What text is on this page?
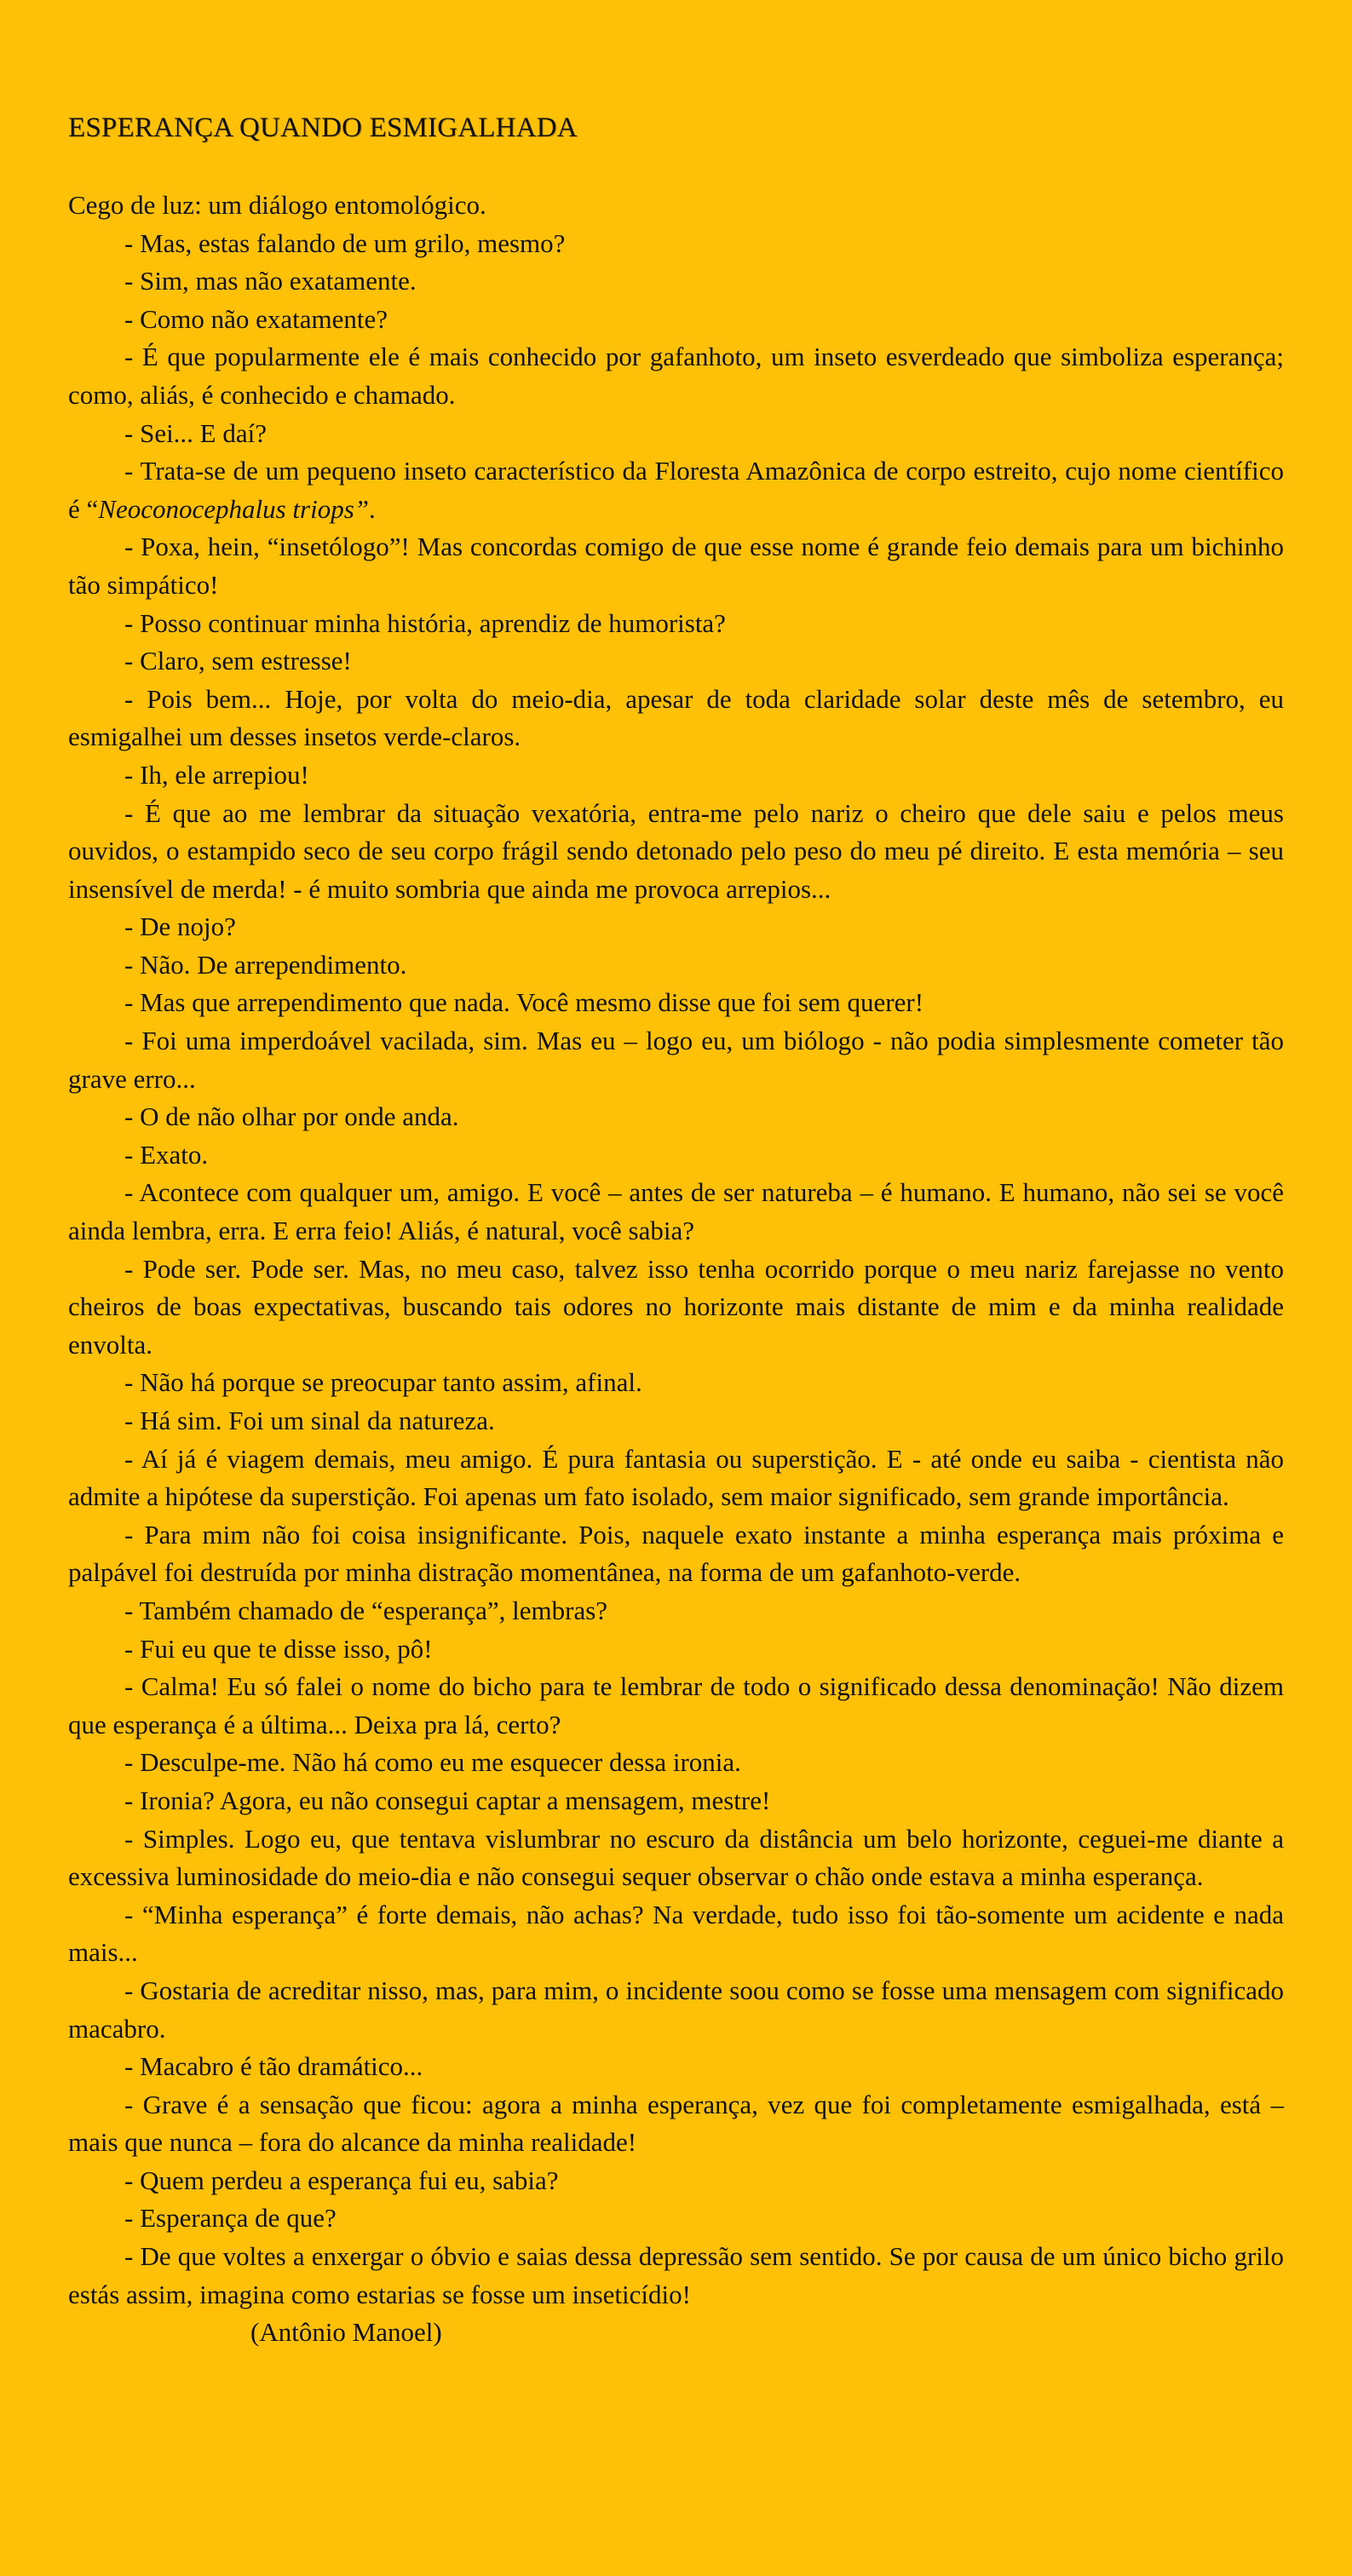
ESPERANÇA QUANDO ESMIGALHADA

Cego de luz: um diálogo entomológico.

- Mas, estas falando de um grilo, mesmo?

- Sim, mas não exatamente.

- Como não exatamente?

- É que popularmente ele é mais conhecido por gafanhoto, um inseto esverdeado que simboliza esperança; como, aliás, é conhecido e chamado.

- Sei... E daí?

- Trata-se de um pequeno inseto característico da Floresta Amazônica de corpo estreito, cujo nome científico é “Neoconocephalus triops”.

- Poxa, hein, “insetólogo”! Mas concordas comigo de que esse nome é grande feio demais para um bichinho tão simpático!

- Posso continuar minha história, aprendiz de humorista?

- Claro, sem estresse!

- Pois bem... Hoje, por volta do meio-dia, apesar de toda claridade solar deste mês de setembro, eu esmigalhei um desses insetos verde-claros.

- Ih, ele arrepiou!

- É que ao me lembrar da situação vexatória, entra-me pelo nariz o cheiro que dele saiu e pelos meus ouvidos, o estampido seco de seu corpo frágil sendo detonado pelo peso do meu pé direito. E esta memória – seu insensível de merda! - é muito sombria que ainda me provoca arrepios...

- De nojo?

- Não. De arrependimento.

- Mas que arrependimento que nada. Você mesmo disse que foi sem querer!

- Foi uma imperdoável vacilada, sim. Mas eu – logo eu, um biólogo - não podia simplesmente cometer tão grave erro...

- O de não olhar por onde anda.

- Exato.

- Acontece com qualquer um, amigo. E você – antes de ser natureba – é humano. E humano, não sei se você ainda lembra, erra. E erra feio! Aliás, é natural, você sabia?

- Pode ser. Pode ser. Mas, no meu caso, talvez isso tenha ocorrido porque o meu nariz farejasse no vento cheiros de boas expectativas, buscando tais odores no horizonte mais distante de mim e da minha realidade envolta.

- Não há porque se preocupar tanto assim, afinal.

- Há sim. Foi um sinal da natureza.

- Aí já é viagem demais, meu amigo. É pura fantasia ou superstição. E - até onde eu saiba - cientista não admite a hipótese da superstição. Foi apenas um fato isolado, sem maior significado, sem grande importância.

- Para mim não foi coisa insignificante. Pois, naquele exato instante a minha esperança mais próxima e palpável foi destruída por minha distração momentânea, na forma de um gafanhoto-verde.

- Também chamado de “esperança”, lembras?

- Fui eu que te disse isso, pô!

- Calma! Eu só falei o nome do bicho para te lembrar de todo o significado dessa denominação! Não dizem que esperança é a última... Deixa pra lá, certo?

- Desculpe-me. Não há como eu me esquecer dessa ironia.

- Ironia? Agora, eu não consegui captar a mensagem, mestre!

- Simples. Logo eu, que tentava vislumbrar no escuro da distância um belo horizonte, ceguei-me diante a excessiva luminosidade do meio-dia e não consegui sequer observar o chão onde estava a minha esperança.

- “Minha esperança” é forte demais, não achas? Na verdade, tudo isso foi tão-somente um acidente e nada mais...

- Gostaria de acreditar nisso, mas, para mim, o incidente soou como se fosse uma mensagem com significado macabro.

- Macabro é tão dramático...

- Grave é a sensação que ficou: agora a minha esperança, vez que foi completamente esmigalhada, está – mais que nunca – fora do alcance da minha realidade!

- Quem perdeu a esperança fui eu, sabia?

- Esperança de que?

- De que voltes a enxergar o óbvio e saias dessa depressão sem sentido. Se por causa de um único bicho grilo estás assim, imagina como estarias se fosse um inseticídio!

(Antônio Manoel)
